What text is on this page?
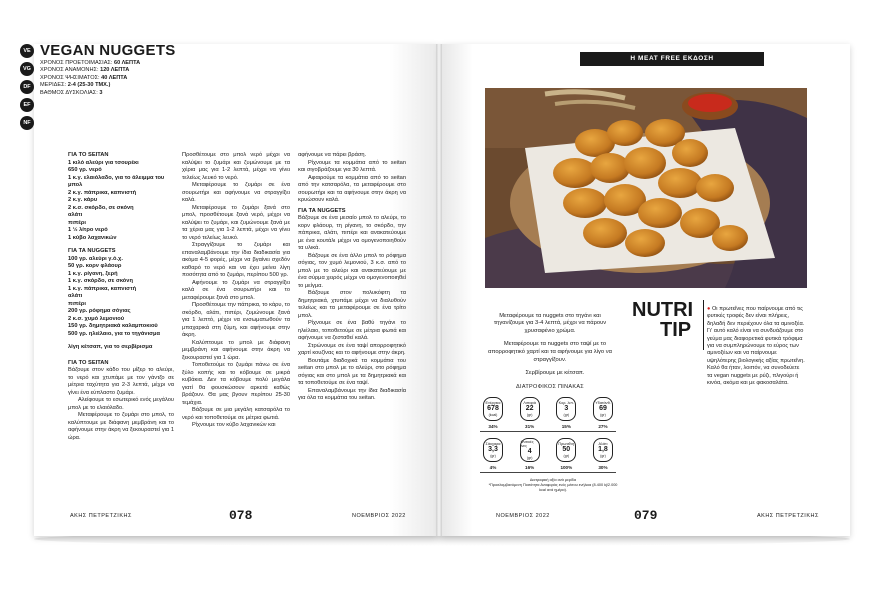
VE
VG
DF
EF
NF
VEGAN NUGGETS
ΧΡΟΝΟΣ ΠΡΟΕΤΟΙΜΑΣΙΑΣ: 60 ΛΕΠΤΑ
ΧΡΟΝΟΣ ΑΝΑΜΟΝΗΣ: 120 ΛΕΠΤΑ
ΧΡΟΝΟΣ ΨΗΣΙΜΑΤΟΣ: 40 ΛΕΠΤΑ
ΜΕΡΙΔΕΣ: 2-4 (25-30 ΤΜΧ.)
ΒΑΘΜΟΣ ΔΥΣΚΟΛΙΑΣ: 3

ΓΙΑ ΤΟ SEITAN

1 κιλό αλεύρι για τσουρέκι

650 γρ. νερό

1 κ.γ. ελαιόλαδο, για το άλειμμα του μπολ

2 κ.γ. πάπρικα, καπνιστή

2 κ.γ. κάρυ

2 κ.σ. σκόρδο, σε σκόνη

αλάτι

πιπέρι

1 ½ λίτρο νερό

1 κύβο λαχανικών

ΓΙΑ ΤΑ NUGGETS

100 γρ. αλεύρι γ.ό.χ.

50 γρ. κορν φλάουρ

1 κ.γ. ρίγανη, ξερή

1 κ.γ. σκόρδο, σε σκόνη

1 κ.γ. πάπρικα, καπνιστή

αλάτι

πιπέρι

200 γρ. ρόφημα σόγιας

2 κ.σ. χυμό λεμονιού

150 γρ. δημητριακά καλαμποκιού

500 γρ. ηλιέλαιο, για το τηγάνισμα

λίγη κέτσαπ, για το σερβίρισμα

ΓΙΑ ΤΟ SEITAN

Βάζουμε στον κάδο του μίξερ το αλεύρι, το νερό και χτυπάμε με τον γάντζο σε μέτρια ταχύτητα για 2-3 λεπτά, μέχρι να γίνει ένα εύπλαστο ζυμάρι.

Αλείφουμε το εσωτερικό ενός μεγάλου μπολ με το ελαιόλαδο.

Μεταφέρουμε το ζυμάρι στο μπολ, το καλύπτουμε με διάφανη μεμβράνη και το αφήνουμε στην άκρη να ξεκουραστεί για 1 ώρα.

Προσθέτουμε στο μπολ νερό μέχρι να καλύψει το ζυμάρι και ζυμώνουμε με τα χέρια μας για 1-2 λεπτά, μέχρι να γίνει τελείως λευκό το νερό.

Μεταφέρουμε το ζυμάρι σε ένα σουρωτήρι και αφήνουμε να στραγγίξει καλά.

Μεταφέρουμε το ζυμάρι ξανά στο μπολ, προσθέτουμε ξανά νερό, μέχρι να καλύψει το ζυμάρι, και ζυμώνουμε ξανά με τα χέρια μας για 1-2 λεπτά, μέχρι να γίνει το νερό τελείως λευκό.

Στραγγίζουμε το ζυμάρι και επαναλαμβάνουμε την ίδια διαδικασία για ακόμα 4-5 φορές, μέχρι να βγαίνει σχεδόν καθαρό το νερό και να έχει μείνει λίγη ποσότητα από το ζυμάρι, περίπου 500 γρ.

Αφήνουμε το ζυμάρι να στραγγίξει καλά σε ένα σουρωτήρι και το μεταφέρουμε ξανά στο μπολ.

Προσθέτουμε την πάπρικα, το κάρυ, το σκόρδο, αλάτι, πιπέρι, ζυμώνουμε ξανά για 1 λεπτό, μέχρι να ενσωματωθούν τα μπαχαρικά στη ζύμη, και αφήνουμε στην άκρη.

Καλύπτουμε το μπολ με διάφανη μεμβράνη και αφήνουμε στην άκρη να ξεκουραστεί για 1 ώρα.

Τοποθετούμε το ζυμάρι πάνω σε ένα ξύλο κοπής και το κόβουμε σε μικρά κυβάκια. Δεν τα κόβουμε πολύ μεγάλα γιατί θα φουσκώσουν αρκετά καθώς βράζουν. Θα μας βγουν περίπου 25-30 τεμάχια.

Βάζουμε σε μια μεγάλη κατσαρόλα το νερό και τοποθετούμε σε μέτρια φωτιά.

Ρίχνουμε τον κύβο λαχανικών και

αφήνουμε να πάρει βράση.

Ρίχνουμε τα κομμάτια από το seitan και σιγοβράζουμε για 30 λεπτά.

Αφαιρούμε τα κομμάτια από το seitan από την κατσαρόλα, τα μεταφέρουμε στο σουρωτήρι και τα αφήνουμε στην άκρη να κρυώσουν καλά.

ΓΙΑ ΤΑ NUGGETS

Βάζουμε σε ένα μεσαίο μπολ το αλεύρι, το κορν φλάουρ, τη ρίγανη, το σκόρδο, την πάπρικα, αλάτι, πιπέρι και ανακατεύουμε με ένα κουτάλι μέχρι να ομογενοποιηθούν τα υλικά.

Βάζουμε σε ένα άλλο μπολ το ρόφημα σόγιας, τον χυμό λεμονιού, 3 κ.σ. από το μπολ με το αλεύρι και ανακατεύουμε με ένα σύρμα χειρός μέχρι να ομογενοποιηθεί το μείγμα.

Βάζουμε στον πολυκόφτη τα δημητριακά, χτυπάμε μέχρι να διαλυθούν τελείως και τα μεταφέρουμε σε ένα τρίτο μπολ.

Ρίχνουμε σε ένα βαθύ τηγάνι το ηλιέλαιο, τοποθετούμε σε μέτρια φωτιά και αφήνουμε να ζεσταθεί καλά.

Στρώνουμε σε ένα ταψί απορροφητικό χαρτί κουζίνας και το αφήνουμε στην άκρη.

Βουτάμε διαδοχικά τα κομμάτια του seitan στο μπολ με το αλεύρι, στο ρόφημα σόγιας και στο μπολ με τα δημητριακά και τα τοποθετούμε σε ένα ταψί.

Επαναλαμβάνουμε την ίδια διαδικασία για όλα τα κομμάτια του seitan.

ΑΚΗΣ ΠΕΤΡΕΤΖΙΚΗΣ	078	ΝΟΕΜΒΡΙΟΣ 2022
Η MEAT FREE ΕΚΔΟΣΗ

Μεταφέρουμε τα nuggets στο τηγάνι και τηγανίζουμε για 3-4 λεπτά, μέχρι να πάρουν χρυσαφένιο χρώμα.

Μεταφέρουμε τα nuggets στο ταψί με το απορροφητικό χαρτί και τα αφήνουμε για λίγο να στραγγίξουν.

Σερβίρουμε με κέτσαπ.

NUTRI
TIP
● Οι πρωτεΐνες που παίρνουμε από τις φυτικές τροφές δεν είναι πλήρεις, δηλαδή δεν περιέχουν όλα τα αμινοξέα. Γι' αυτό καλό είναι να συνδυάζουμε στο γεύμα μας διαφορετικά φυτικά τρόφιμα για να συμπληρώνουμε το εύρος των αμινοξέων και να παίρνουμε υψηλότερης βιολογικής αξίας πρωτεΐνη. Καλό θα ήταν, λοιπόν, να συνοδεύετε τα vegan nuggets με ρύζι, πλιγούρι ή κινόα, ακόμα και με φακοσαλάτα.
ΔΙΑΤΡΟΦΙΚΟΣ ΠΙΝΑΚΑΣ
Ενέργεια
678
(kcal)
34%
Λιπαρά
22
(gr)
31%
Κορ. λιπ.
3
(gr)
15%
Υδατάνθ.
69
(gr)
27%
Σάκχαρα
3,3
(gr)
4%
Φυτικές ίνες
4
(gr)
16%
Πρωτεΐνη
50
(gr)
100%
Αλάτι
1,8
(gr)
30%
Διατροφική αξία ανά μερίδα
*Προσλαμβανόμενη Ποσότητα Αναφοράς ενός μέσου ενήλικα (8.400 kj/2.000 kcal ανά ημέρα).
ΝΟΕΜΒΡΙΟΣ 2022	079	ΑΚΗΣ ΠΕΤΡΕΤΖΙΚΗΣ
